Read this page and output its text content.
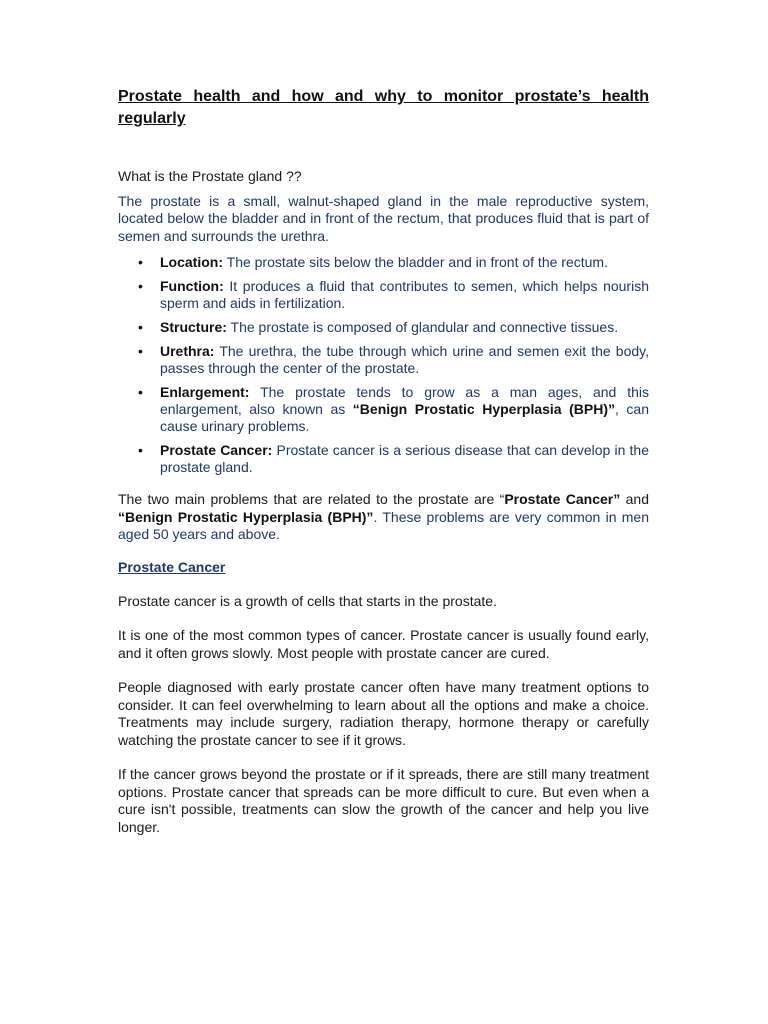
Prostate health and how and why to monitor prostate’s health regularly

What is the Prostate gland ??

The prostate is a small, walnut-shaped gland in the male reproductive system, located below the bladder and in front of the rectum, that produces fluid that is part of semen and surrounds the urethra.

• Location: The prostate sits below the bladder and in front of the rectum.
• Function: It produces a fluid that contributes to semen, which helps nourish sperm and aids in fertilization.
• Structure: The prostate is composed of glandular and connective tissues.
• Urethra: The urethra, the tube through which urine and semen exit the body, passes through the center of the prostate.
• Enlargement: The prostate tends to grow as a man ages, and this enlargement, also known as “Benign Prostatic Hyperplasia (BPH)”, can cause urinary problems.
• Prostate Cancer: Prostate cancer is a serious disease that can develop in the prostate gland.

The two main problems that are related to the prostate are “Prostate Cancer” and “Benign Prostatic Hyperplasia (BPH)”. These problems are very common in men aged 50 years and above.

Prostate Cancer

Prostate cancer is a growth of cells that starts in the prostate.

It is one of the most common types of cancer. Prostate cancer is usually found early, and it often grows slowly. Most people with prostate cancer are cured.

People diagnosed with early prostate cancer often have many treatment options to consider. It can feel overwhelming to learn about all the options and make a choice. Treatments may include surgery, radiation therapy, hormone therapy or carefully watching the prostate cancer to see if it grows.

If the cancer grows beyond the prostate or if it spreads, there are still many treatment options. Prostate cancer that spreads can be more difficult to cure. But even when a cure isn't possible, treatments can slow the growth of the cancer and help you live longer.
